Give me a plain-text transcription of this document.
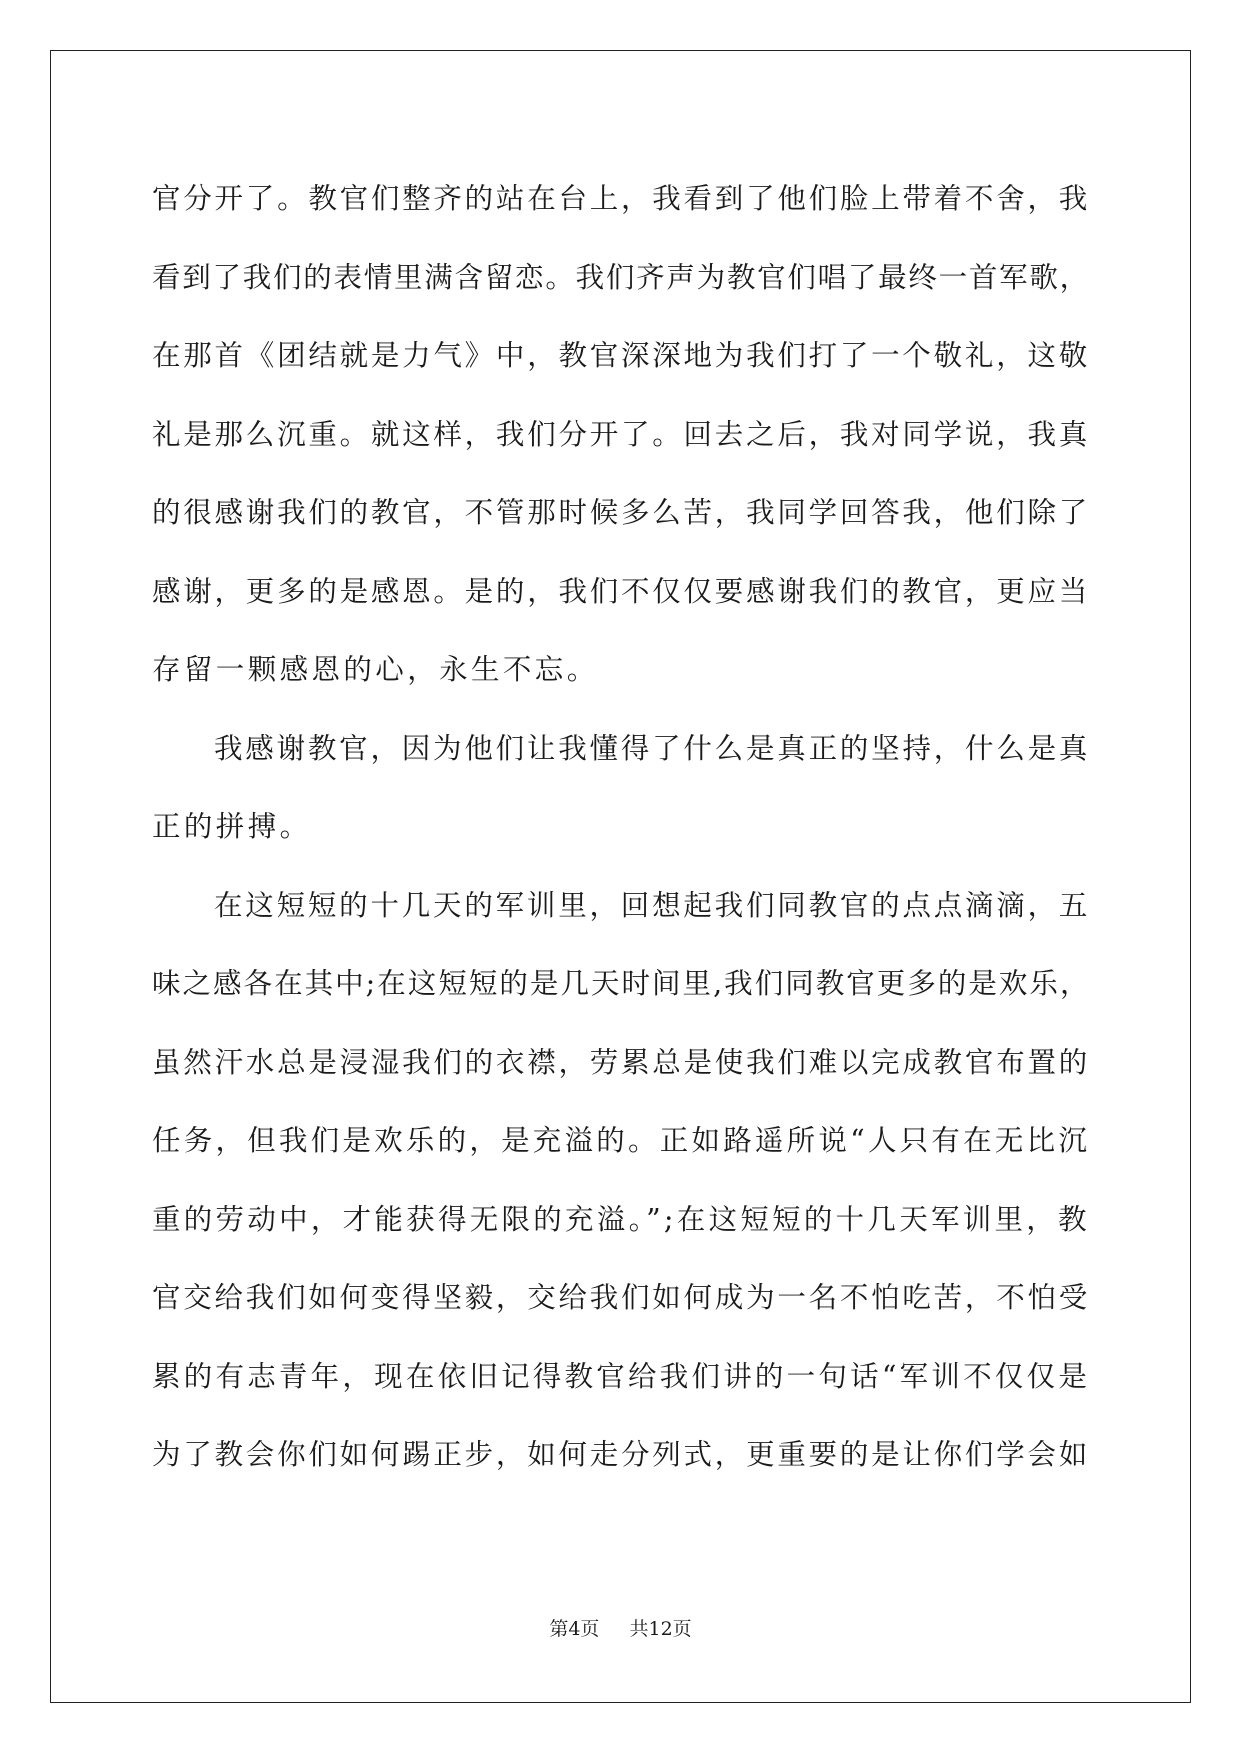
官分开了。教官们整齐的站在台上，我看到了他们脸上带着不舍，我
看到了我们的表情里满含留恋。我们齐声为教官们唱了最终一首军歌，
在那首《团结就是力气》中，教官深深地为我们打了一个敬礼，这敬
礼是那么沉重。就这样，我们分开了。回去之后，我对同学说，我真
的很感谢我们的教官，不管那时候多么苦，我同学回答我，他们除了
感谢，更多的是感恩。是的，我们不仅仅要感谢我们的教官，更应当
存留一颗感恩的心，永生不忘。

我感谢教官，因为他们让我懂得了什么是真正的坚持，什么是真
正的拼搏。

在这短短的十几天的军训里，回想起我们同教官的点点滴滴，五
味之感各在其中;在这短短的是几天时间里,我们同教官更多的是欢乐，
虽然汗水总是浸湿我们的衣襟，劳累总是使我们难以完成教官布置的
任务，但我们是欢乐的，是充溢的。正如路遥所说“人只有在无比沉
重的劳动中，才能获得无限的充溢。”;在这短短的十几天军训里，教
官交给我们如何变得坚毅，交给我们如何成为一名不怕吃苦，不怕受
累的有志青年，现在依旧记得教官给我们讲的一句话“军训不仅仅是
为了教会你们如何踢正步，如何走分列式，更重要的是让你们学会如

第4页 共12页
